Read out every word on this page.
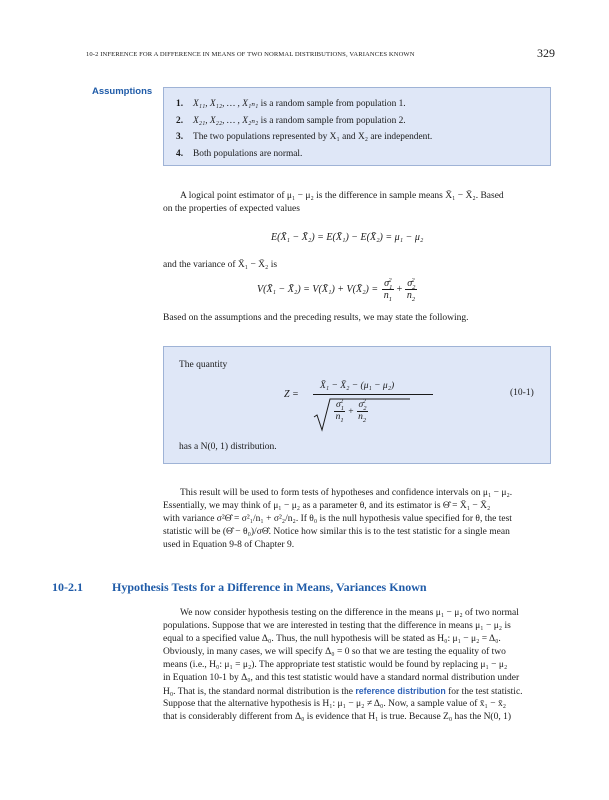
10-2 INFERENCE FOR A DIFFERENCE IN MEANS OF TWO NORMAL DISTRIBUTIONS, VARIANCES KNOWN	329
Assumptions
1. X₁₁, X₁₂, … , X₁ₙ₁ is a random sample from population 1.
2. X₂₁, X₂₂, … , X₂ₙ₂ is a random sample from population 2.
3. The two populations represented by X₁ and X₂ are independent.
4. Both populations are normal.
A logical point estimator of μ₁ − μ₂ is the difference in sample means X̄₁ − X̄₂. Based
on the properties of expected values
E(X̄₁ − X̄₂) = E(X̄₁) − E(X̄₂) = μ₁ − μ₂
and the variance of X̄₁ − X̄₂ is
V(X̄₁ − X̄₂) = V(X̄₁) + V(X̄₂) = $\frac{\sigma_1^2}{n_1} + \frac{\sigma_2^2}{n_2}$
Based on the assumptions and the preceding results, we may state the following.
The quantity
Z =
X̄₁ − X̄₂ − (μ₁ − μ₂)
$\frac{\sigma_1^2}{n_1} + \frac{\sigma_2^2}{n_2}$
(10-1)
has a N(0, 1) distribution.
This result will be used to form tests of hypotheses and confidence intervals on μ₁ − μ₂.
Essentially, we may think of μ₁ − μ₂ as a parameter θ, and its estimator is Θ̂ = X̄₁ − X̄₂
with variance σ²Θ̂ = σ²₁/n₁ + σ²₂/n₂. If θ₀ is the null hypothesis value specified for θ, the test
statistic will be (Θ̂ − θ₀)/σΘ̂. Notice how similar this is to the test statistic for a single mean
used in Equation 9-8 of Chapter 9.
10-2.1 Hypothesis Tests for a Difference in Means, Variances Known
We now consider hypothesis testing on the difference in the means μ₁ − μ₂ of two normal
populations. Suppose that we are interested in testing that the difference in means μ₁ − μ₂ is
equal to a specified value Δ₀. Thus, the null hypothesis will be stated as H₀: μ₁ − μ₂ = Δ₀.
Obviously, in many cases, we will specify Δ₀ = 0 so that we are testing the equality of two
means (i.e., H₀: μ₁ = μ₂). The appropriate test statistic would be found by replacing μ₁ − μ₂
in Equation 10-1 by Δ₀, and this test statistic would have a standard normal distribution under
H₀. That is, the standard normal distribution is the reference distribution for the test statistic.
Suppose that the alternative hypothesis is H₁: μ₁ − μ₂ ≠ Δ₀. Now, a sample value of x̄₁ − x̄₂
that is considerably different from Δ₀ is evidence that H₁ is true. Because Z₀ has the N(0, 1)
